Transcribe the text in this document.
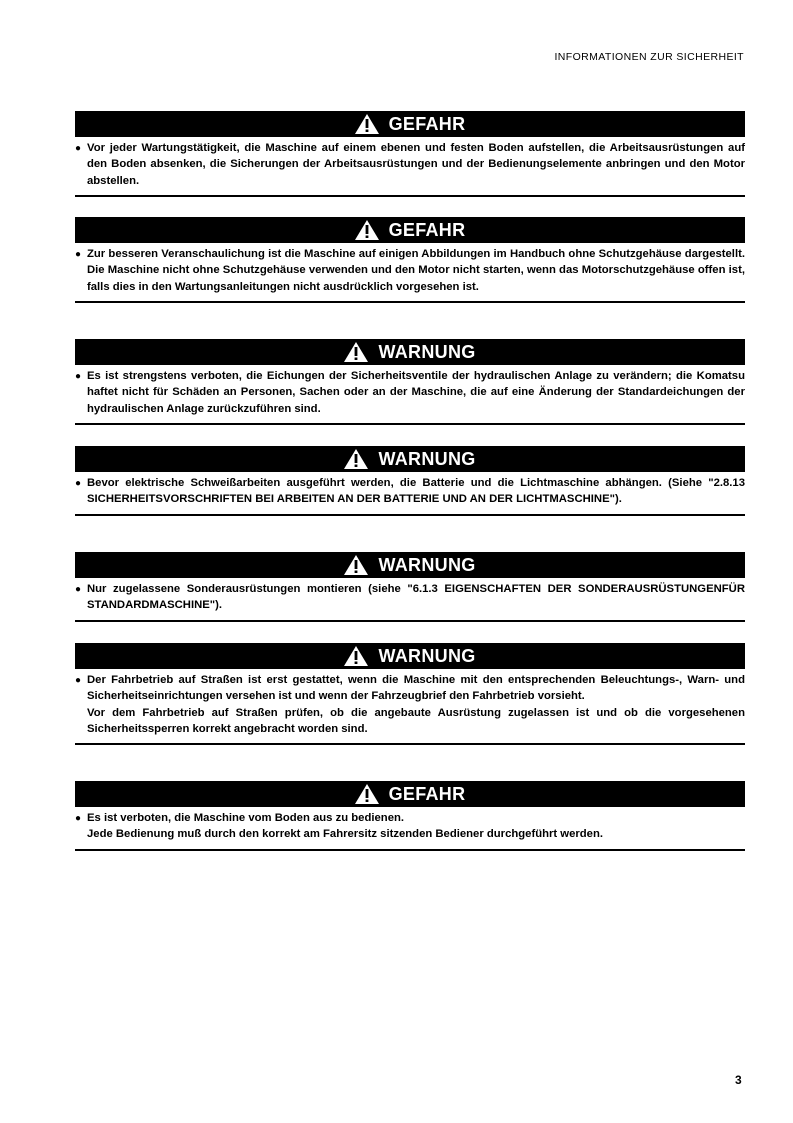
INFORMATIONEN ZUR SICHERHEIT
GEFAHR
● Vor jeder Wartungstätigkeit, die Maschine auf einem ebenen und festen Boden aufstellen, die Arbeitsausrüstungen auf den Boden absenken, die Sicherungen der Arbeitsausrüstungen und der Bedienungselemente anbringen und den Motor abstellen.

GEFAHR
● Zur besseren Veranschaulichung ist die Maschine auf einigen Abbildungen im Handbuch ohne Schutzgehäuse dargestellt. Die Maschine nicht ohne Schutzgehäuse verwenden und den Motor nicht starten, wenn das Motorschutzgehäuse offen ist, falls dies in den Wartungsanleitungen nicht ausdrücklich vorgesehen ist.

WARNUNG
● Es ist strengstens verboten, die Eichungen der Sicherheitsventile der hydraulischen Anlage zu verändern; die Komatsu haftet nicht für Schäden an Personen, Sachen oder an der Maschine, die auf eine Änderung der Standardeichungen der hydraulischen Anlage zurückzuführen sind.

WARNUNG
● Bevor elektrische Schweißarbeiten ausgeführt werden, die Batterie und die Lichtmaschine abhängen. (Siehe "2.8.13 SICHERHEITSVORSCHRIFTEN BEI ARBEITEN AN DER BATTERIE UND AN DER LICHTMASCHINE").

WARNUNG
● Nur zugelassene Sonderausrüstungen montieren (siehe "6.1.3 EIGENSCHAFTEN DER SONDERAUSRÜSTUNGENFÜR STANDARDMASCHINE").

WARNUNG
● Der Fahrbetrieb auf Straßen ist erst gestattet, wenn die Maschine mit den entsprechenden Beleuchtungs-, Warn- und Sicherheitseinrichtungen versehen ist und wenn der Fahrzeugbrief den Fahrbetrieb vorsieht.

Vor dem Fahrbetrieb auf Straßen prüfen, ob die angebaute Ausrüstung zugelassen ist und ob die vorgesehenen Sicherheitssperren korrekt angebracht worden sind.

GEFAHR
● Es ist verboten, die Maschine vom Boden aus zu bedienen.

Jede Bedienung muß durch den korrekt am Fahrersitz sitzenden Bediener durchgeführt werden.

3
